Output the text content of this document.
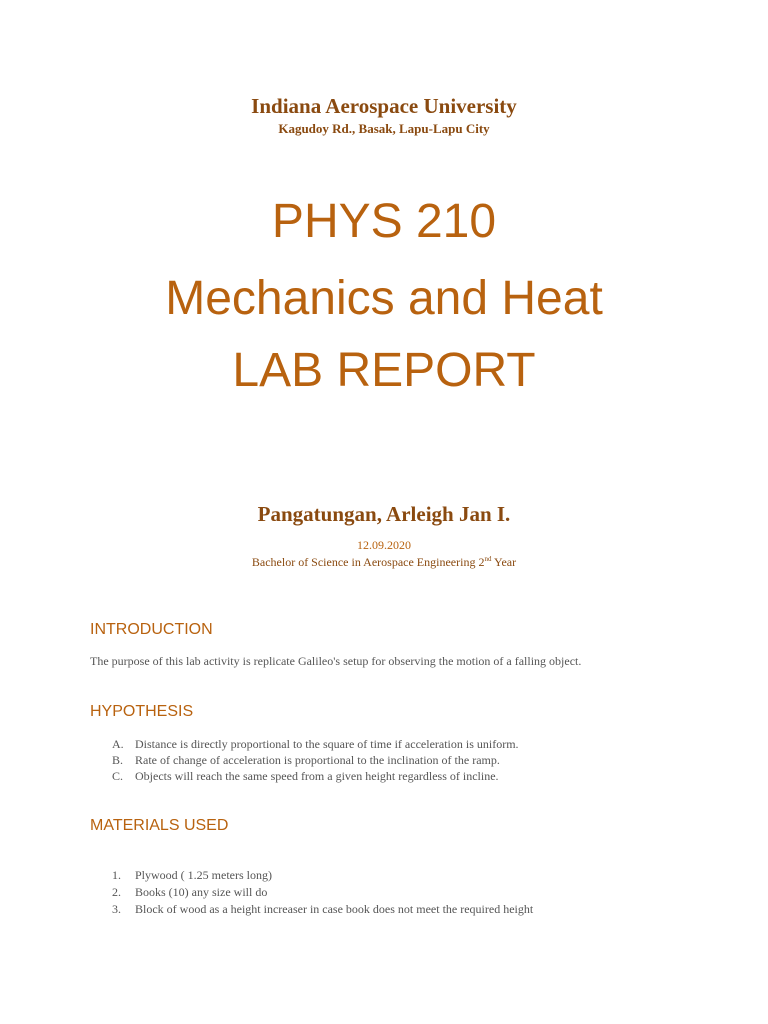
Indiana Aerospace University
Kagudoy Rd., Basak, Lapu-Lapu City
PHYS 210
Mechanics and Heat
LAB REPORT
Pangatungan, Arleigh Jan I.
12.09.2020
Bachelor of Science in Aerospace Engineering 2nd Year
INTRODUCTION
The purpose of this lab activity is replicate Galileo's setup for observing the motion of a falling object.
HYPOTHESIS
A. Distance is directly proportional to the square of time if acceleration is uniform.
B. Rate of change of acceleration is proportional to the inclination of the ramp.
C. Objects will reach the same speed from a given height regardless of incline.
MATERIALS USED
1. Plywood ( 1.25 meters long)
2. Books (10) any size will do
3. Block of wood as a height increaser in case book does not meet the required height
